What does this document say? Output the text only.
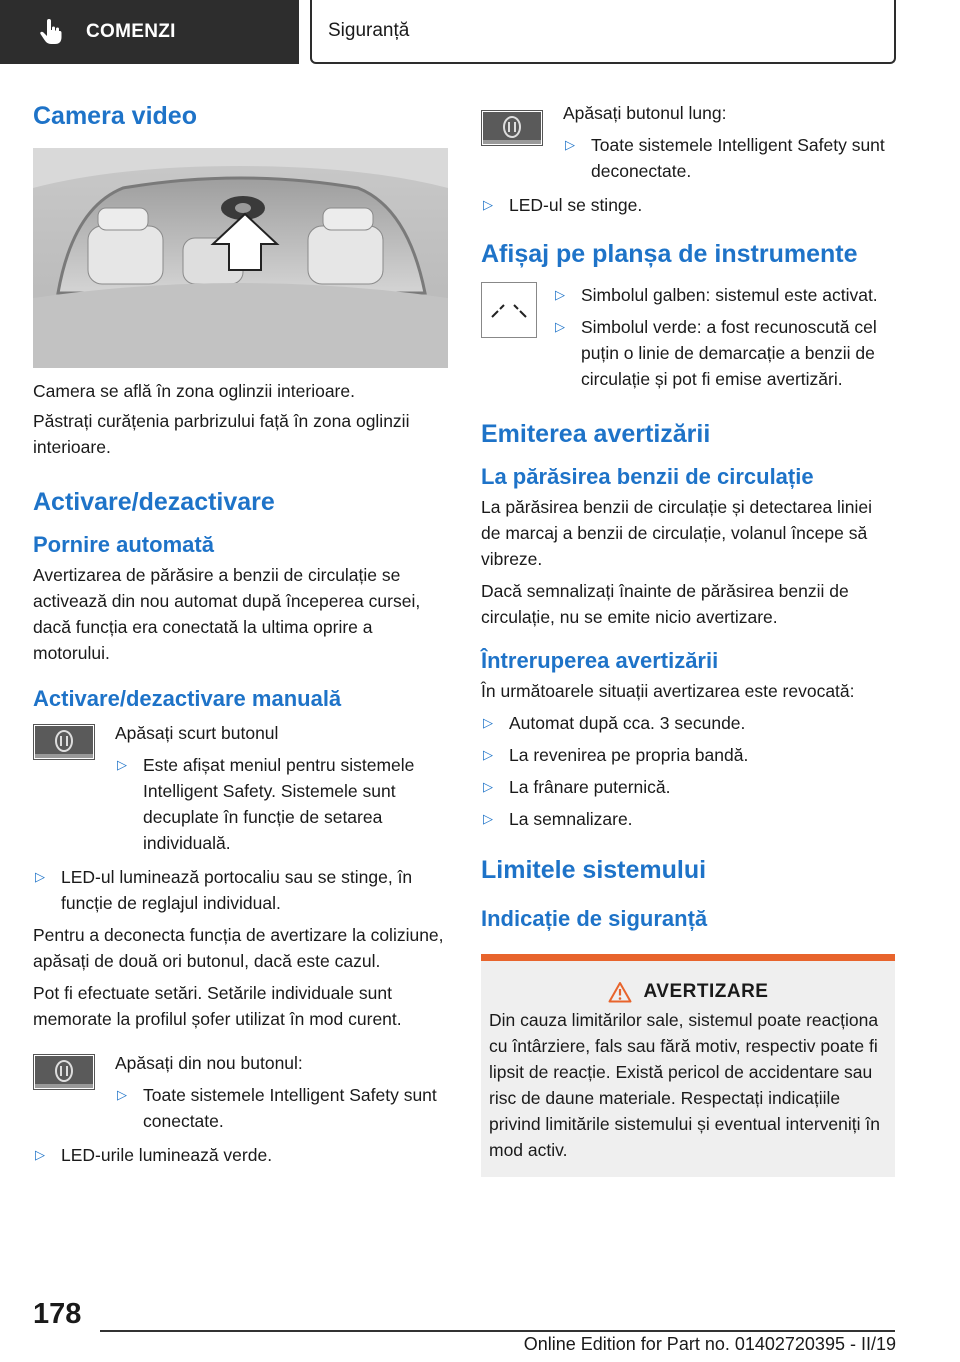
COMENZI	Siguranță
Camera video

Camera se află în zona oglinzii interioare.

Păstrați curățenia parbrizului față în zona oglinzii interioare.

Activare/dezactivare
Pornire automată

Avertizarea de părăsire a benzii de circulație se activează din nou automat după începerea cursei, dacă funcția era conectată la ultima oprire a motorului.

Activare/dezactivare manuală

Apăsați scurt butonul

▷ Este afișat meniul pentru sistemele Intelligent Safety. Sistemele sunt decuplate în funcție de setarea individuală.
▷ LED-ul luminează portocaliu sau se stinge, în funcție de reglajul individual.

Pentru a deconecta funcția de avertizare la coliziune, apăsați de două ori butonul, dacă este cazul.

Pot fi efectuate setări. Setările individuale sunt memorate la profilul șofer utilizat în mod curent.

Apăsați din nou butonul:

▷ Toate sistemele Intelligent Safety sunt conectate.
▷ LED-urile luminează verde.

Apăsați butonul lung:

▷ Toate sistemele Intelligent Safety sunt deconectate.
▷ LED-ul se stinge.
Afișaj pe planșa de instrumente
▷ Simbolul galben: sistemul este activat.
▷ Simbolul verde: a fost recunoscută cel puțin o linie de demarcație a benzii de circulație și pot fi emise avertizări.
Emiterea avertizării
La părăsirea benzii de circulație

La părăsirea benzii de circulație și detectarea liniei de marcaj a benzii de circulație, volanul începe să vibreze.

Dacă semnalizați înainte de părăsirea benzii de circulație, nu se emite nicio avertizare.

Întreruperea avertizării

În următoarele situații avertizarea este revocată:

▷ Automat după cca. 3 secunde.
▷ La revenirea pe propria bandă.
▷ La frânare puternică.
▷ La semnalizare.
Limitele sistemului
Indicație de siguranță
AVERTIZARE

Din cauza limitărilor sale, sistemul poate reacționa cu întârziere, fals sau fără motiv, respectiv poate fi lipsit de reacție. Există pericol de accidentare sau risc de daune materiale. Respectați indicațiile privind limitările sistemului și eventual interveniți în mod activ.

178
Online Edition for Part no. 01402720395 - II/19
